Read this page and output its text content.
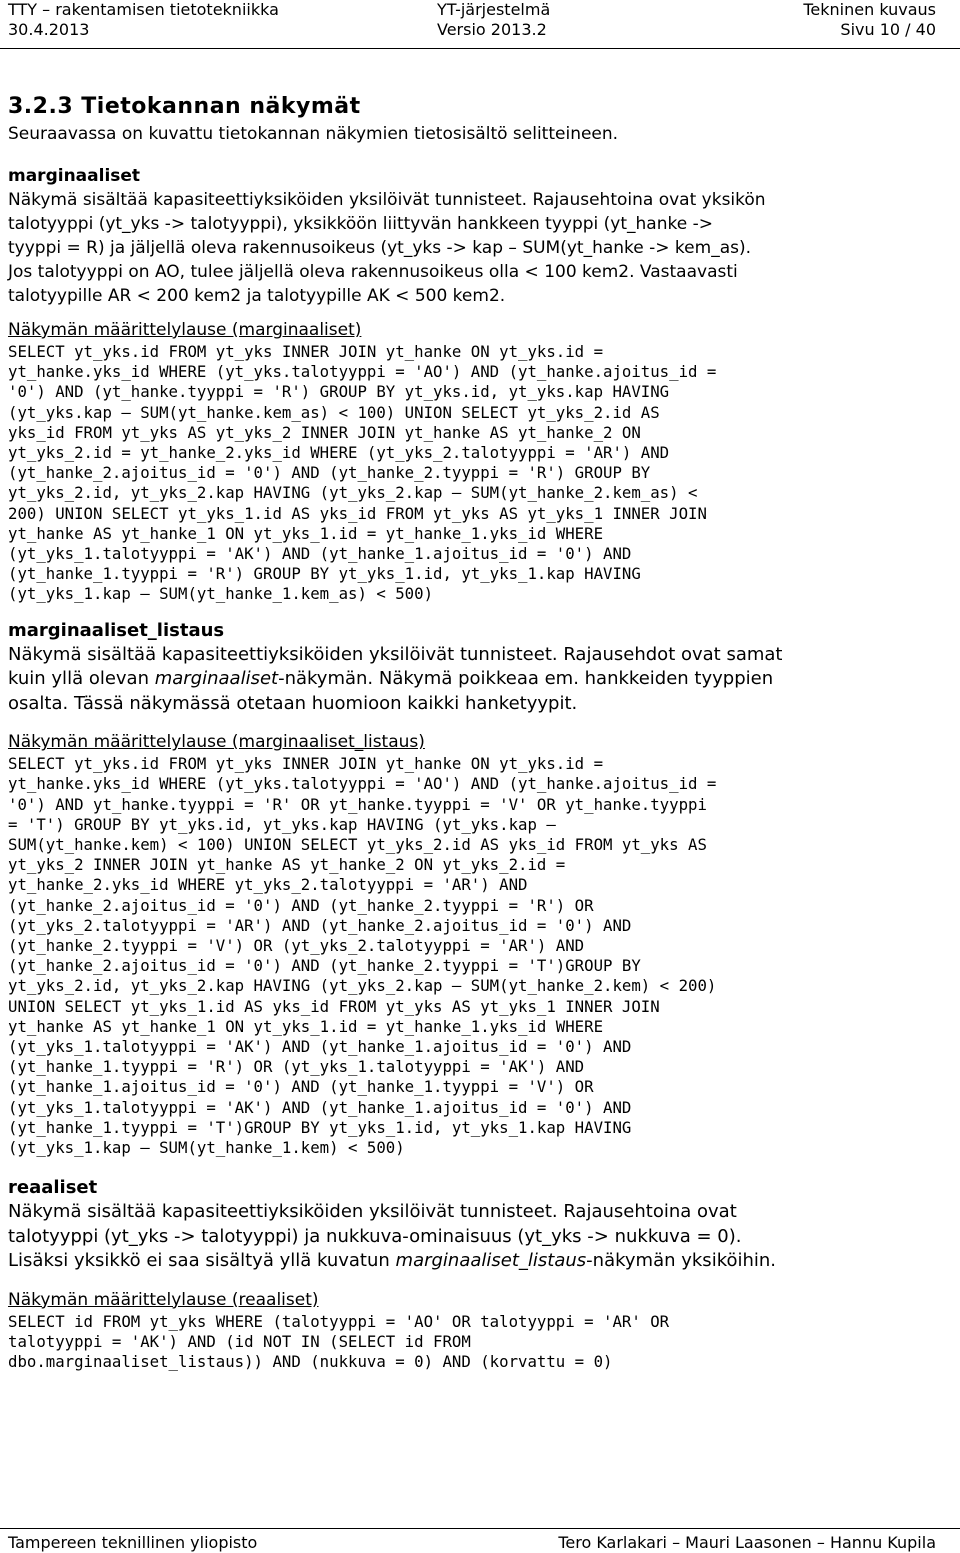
TTY – rakentamisen tietotekniikka
30.4.2013
YT-järjestelmä
Versio 2013.2
Tekninen kuvaus
Sivu 10 / 40
3.2.3 Tietokannan näkymät

Seuraavassa on kuvattu tietokannan näkymien tietosisältö selitteineen.

marginaaliset

Näkymä sisältää kapasiteettiyksiköiden yksilöivät tunnisteet. Rajausehtoina ovat yksikön
talotyyppi (yt_yks -> talotyyppi), yksikköön liittyvän hankkeen tyyppi (yt_hanke ->
tyyppi = R) ja jäljellä oleva rakennusoikeus (yt_yks -> kap – SUM(yt_hanke -> kem_as).
Jos talotyyppi on AO, tulee jäljellä oleva rakennusoikeus olla < 100 kem2. Vastaavasti
talotyypille AR < 200 kem2 ja talotyypille AK < 500 kem2.

Näkymän määrittelylause (marginaaliset)

SELECT yt_yks.id FROM yt_yks INNER JOIN yt_hanke ON yt_yks.id =
yt_hanke.yks_id WHERE (yt_yks.talotyyppi = 'AO') AND (yt_hanke.ajoitus_id =
'0') AND (yt_hanke.tyyppi = 'R') GROUP BY yt_yks.id, yt_yks.kap HAVING
(yt_yks.kap – SUM(yt_hanke.kem_as) < 100) UNION SELECT yt_yks_2.id AS
yks_id FROM yt_yks AS yt_yks_2 INNER JOIN yt_hanke AS yt_hanke_2 ON
yt_yks_2.id = yt_hanke_2.yks_id WHERE (yt_yks_2.talotyyppi = 'AR') AND
(yt_hanke_2.ajoitus_id = '0') AND (yt_hanke_2.tyyppi = 'R') GROUP BY
yt_yks_2.id, yt_yks_2.kap HAVING (yt_yks_2.kap – SUM(yt_hanke_2.kem_as) <
200) UNION SELECT yt_yks_1.id AS yks_id FROM yt_yks AS yt_yks_1 INNER JOIN
yt_hanke AS yt_hanke_1 ON yt_yks_1.id = yt_hanke_1.yks_id WHERE
(yt_yks_1.talotyyppi = 'AK') AND (yt_hanke_1.ajoitus_id = '0') AND
(yt_hanke_1.tyyppi = 'R') GROUP BY yt_yks_1.id, yt_yks_1.kap HAVING
(yt_yks_1.kap – SUM(yt_hanke_1.kem_as) < 500)

marginaaliset_listaus

Näkymä sisältää kapasiteettiyksiköiden yksilöivät tunnisteet. Rajausehdot ovat samat
kuin yllä olevan marginaaliset-näkymän. Näkymä poikkeaa em. hankkeiden tyyppien
osalta. Tässä näkymässä otetaan huomioon kaikki hanketyypit.

Näkymän määrittelylause (marginaaliset_listaus)

SELECT yt_yks.id FROM yt_yks INNER JOIN yt_hanke ON yt_yks.id =
yt_hanke.yks_id WHERE (yt_yks.talotyyppi = 'AO') AND (yt_hanke.ajoitus_id =
'0') AND yt_hanke.tyyppi = 'R' OR yt_hanke.tyyppi = 'V' OR yt_hanke.tyyppi
= 'T') GROUP BY yt_yks.id, yt_yks.kap HAVING (yt_yks.kap –
SUM(yt_hanke.kem) < 100) UNION SELECT yt_yks_2.id AS yks_id FROM yt_yks AS
yt_yks_2 INNER JOIN yt_hanke AS yt_hanke_2 ON yt_yks_2.id =
yt_hanke_2.yks_id WHERE yt_yks_2.talotyyppi = 'AR') AND
(yt_hanke_2.ajoitus_id = '0') AND (yt_hanke_2.tyyppi = 'R') OR
(yt_yks_2.talotyyppi = 'AR') AND (yt_hanke_2.ajoitus_id = '0') AND
(yt_hanke_2.tyyppi = 'V') OR (yt_yks_2.talotyyppi = 'AR') AND
(yt_hanke_2.ajoitus_id = '0') AND (yt_hanke_2.tyyppi = 'T')GROUP BY
yt_yks_2.id, yt_yks_2.kap HAVING (yt_yks_2.kap – SUM(yt_hanke_2.kem) < 200)
UNION SELECT yt_yks_1.id AS yks_id FROM yt_yks AS yt_yks_1 INNER JOIN
yt_hanke AS yt_hanke_1 ON yt_yks_1.id = yt_hanke_1.yks_id WHERE
(yt_yks_1.talotyyppi = 'AK') AND (yt_hanke_1.ajoitus_id = '0') AND
(yt_hanke_1.tyyppi = 'R') OR (yt_yks_1.talotyyppi = 'AK') AND
(yt_hanke_1.ajoitus_id = '0') AND (yt_hanke_1.tyyppi = 'V') OR
(yt_yks_1.talotyyppi = 'AK') AND (yt_hanke_1.ajoitus_id = '0') AND
(yt_hanke_1.tyyppi = 'T')GROUP BY yt_yks_1.id, yt_yks_1.kap HAVING
(yt_yks_1.kap – SUM(yt_hanke_1.kem) < 500)

reaaliset

Näkymä sisältää kapasiteettiyksiköiden yksilöivät tunnisteet. Rajausehtoina ovat
talotyyppi (yt_yks -> talotyyppi) ja nukkuva-ominaisuus (yt_yks -> nukkuva = 0).
Lisäksi yksikkö ei saa sisältyä yllä kuvatun marginaaliset_listaus-näkymän yksiköihin.

Näkymän määrittelylause (reaaliset)

SELECT id FROM yt_yks WHERE (talotyyppi = 'AO' OR talotyyppi = 'AR' OR
talotyyppi = 'AK') AND (id NOT IN (SELECT id FROM
dbo.marginaaliset_listaus)) AND (nukkuva = 0) AND (korvattu = 0)
Tampereen teknillinen yliopisto	Tero Karlakari – Mauri Laasonen – Hannu Kupila
